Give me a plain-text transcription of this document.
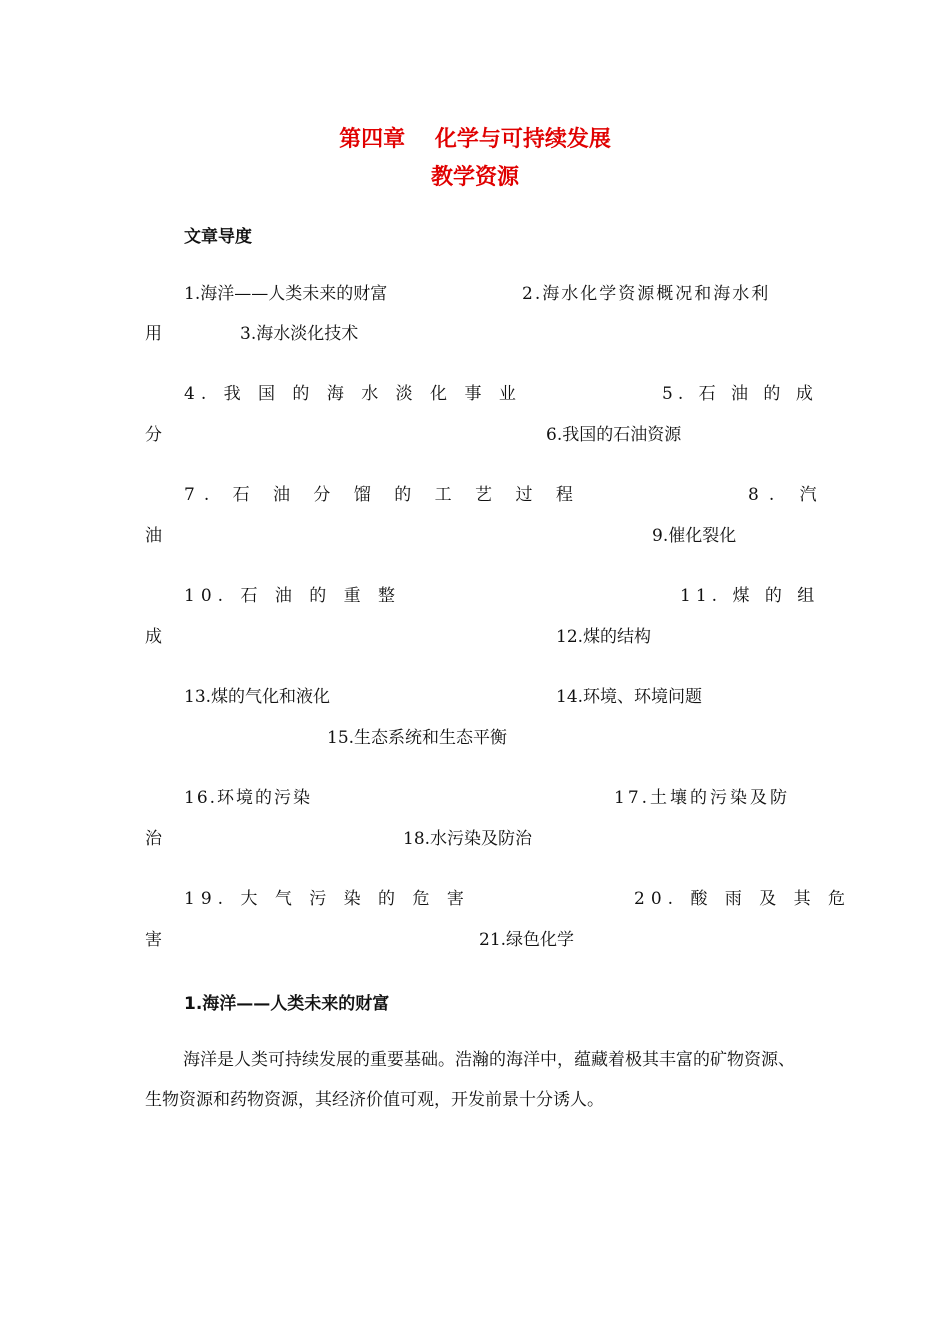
第四章　 化学与可持续发展
教学资源
文章导度
1.海洋——人类未来的财富	2.海水化学资源概况和海水利
用	3.海水淡化技术
4. 我 国 的 海 水 淡 化 事 业	5. 石 油 的 成
分	6.我国的石油资源
7. 石 油 分 馏 的 工 艺 过 程	8. 汽
油	9.催化裂化
10. 石 油 的 重 整	11. 煤 的 组
成	12.煤的结构
13.煤的气化和液化	14.环境、环境问题
15.生态系统和生态平衡
16.环境的污染	17.土壤的污染及防
治	18.水污染及防治
19. 大 气 污 染 的 危 害	20. 酸 雨 及 其 危
害	21.绿色化学
1.海洋——人类未来的财富
海洋是人类可持续发展的重要基础。浩瀚的海洋中，蕴藏着极其丰富的矿物资源、生物资源和药物资源，其经济价值可观，开发前景十分诱人。
